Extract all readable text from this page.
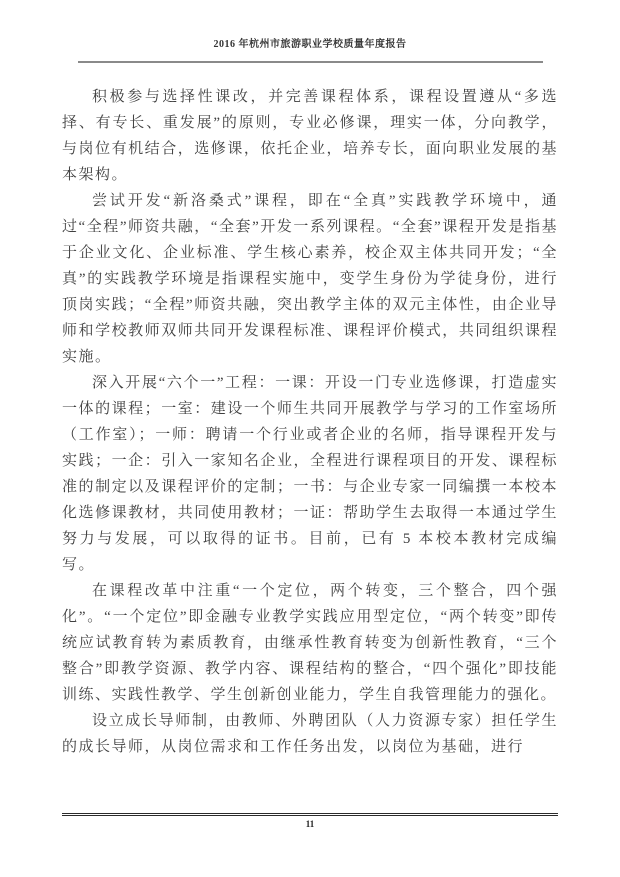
2016 年杭州市旅游职业学校质量年度报告

积极参与选择性课改，并完善课程体系，课程设置遵从“多选择、有专长、重发展”的原则，专业必修课，理实一体，分向教学，与岗位有机结合，选修课，依托企业，培养专长，面向职业发展的基本架构。

尝试开发“新洛桑式”课程，即在“全真”实践教学环境中，通过“全程”师资共融，“全套”开发一系列课程。“全套”课程开发是指基于企业文化、企业标准、学生核心素养，校企双主体共同开发；“全真”的实践教学环境是指课程实施中，变学生身份为学徒身份，进行顶岗实践；“全程”师资共融，突出教学主体的双元主体性，由企业导师和学校教师双师共同开发课程标准、课程评价模式，共同组织课程实施。

深入开展“六个一”工程：一课：开设一门专业选修课，打造虚实一体的课程；一室：建设一个师生共同开展教学与学习的工作室场所（工作室）；一师：聘请一个行业或者企业的名师，指导课程开发与实践；一企：引入一家知名企业，全程进行课程项目的开发、课程标准的制定以及课程评价的定制；一书：与企业专家一同编撰一本校本化选修课教材，共同使用教材；一证：帮助学生去取得一本通过学生努力与发展，可以取得的证书。目前，已有 5 本校本教材完成编写。

在课程改革中注重“一个定位，两个转变，三个整合，四个强化”。“一个定位”即金融专业教学实践应用型定位，“两个转变”即传统应试教育转为素质教育，由继承性教育转变为创新性教育，“三个整合”即教学资源、教学内容、课程结构的整合，“四个强化”即技能训练、实践性教学、学生创新创业能力，学生自我管理能力的强化。

设立成长导师制，由教师、外聘团队（人力资源专家）担任学生的成长导师，从岗位需求和工作任务出发，以岗位为基础，进行

11
